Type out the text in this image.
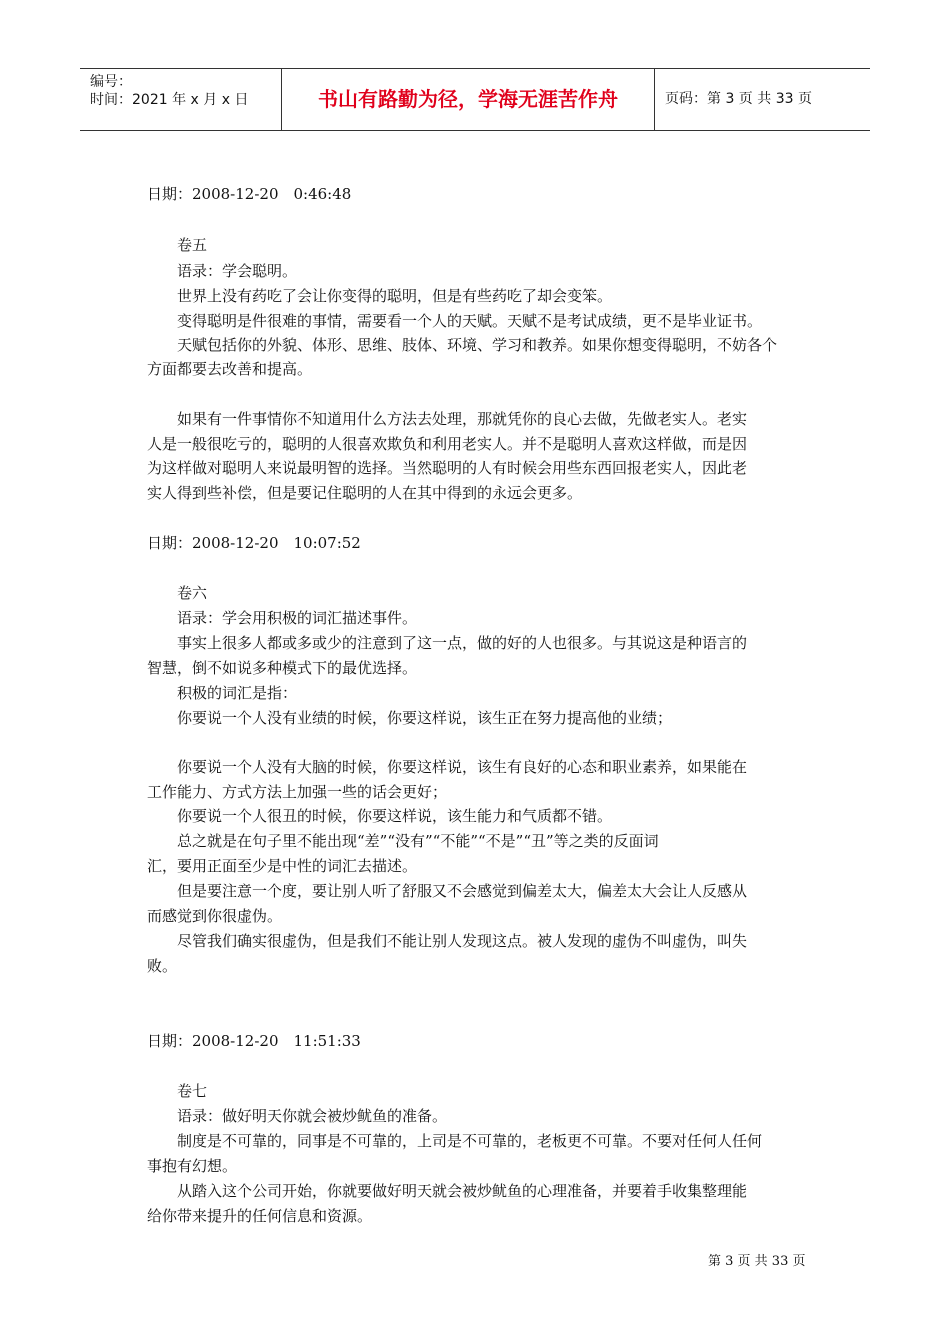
编号：
时间：2021 年 x 月 x 日	书山有路勤为径，学海无涯苦作舟	页码：第 3 页 共 33 页
日期：2008-12-20　0:46:48
卷五
语录：学会聪明。
世界上没有药吃了会让你变得的聪明，但是有些药吃了却会变笨。
变得聪明是件很难的事情，需要看一个人的天赋。天赋不是考试成绩，更不是毕业证书。
天赋包括你的外貌、体形、思维、肢体、环境、学习和教养。如果你想变得聪明，不妨各个
方面都要去改善和提高。
如果有一件事情你不知道用什么方法去处理，那就凭你的良心去做，先做老实人。老实
人是一般很吃亏的，聪明的人很喜欢欺负和利用老实人。并不是聪明人喜欢这样做，而是因
为这样做对聪明人来说最明智的选择。当然聪明的人有时候会用些东西回报老实人，因此老
实人得到些补偿，但是要记住聪明的人在其中得到的永远会更多。
日期：2008-12-20　10:07:52
卷六
语录：学会用积极的词汇描述事件。
事实上很多人都或多或少的注意到了这一点，做的好的人也很多。与其说这是种语言的
智慧，倒不如说多种模式下的最优选择。
积极的词汇是指：
你要说一个人没有业绩的时候，你要这样说，该生正在努力提高他的业绩；
你要说一个人没有大脑的时候，你要这样说，该生有良好的心态和职业素养，如果能在
工作能力、方式方法上加强一些的话会更好；
你要说一个人很丑的时候，你要这样说，该生能力和气质都不错。
总之就是在句子里不能出现“差”“没有”“不能”“不是”“丑”等之类的反面词
汇，要用正面至少是中性的词汇去描述。
但是要注意一个度，要让别人听了舒服又不会感觉到偏差太大，偏差太大会让人反感从
而感觉到你很虚伪。
尽管我们确实很虚伪，但是我们不能让别人发现这点。被人发现的虚伪不叫虚伪，叫失
败。
日期：2008-12-20　11:51:33
卷七
语录：做好明天你就会被炒鱿鱼的准备。
制度是不可靠的，同事是不可靠的，上司是不可靠的，老板更不可靠。不要对任何人任何
事抱有幻想。
从踏入这个公司开始，你就要做好明天就会被炒鱿鱼的心理准备，并要着手收集整理能
给你带来提升的任何信息和资源。
第 3 页 共 33 页
